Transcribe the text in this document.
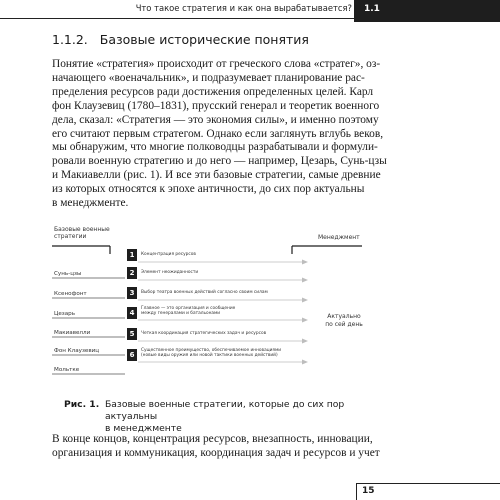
Что такое стратегия и как она вырабатывается? 1.1
1.1.2. Базовые исторические понятия
Понятие «стратегия» происходит от греческого слова «стратег», оз-
начающего «военачальник», и подразумевает планирование рас-
пределения ресурсов ради достижения определенных целей. Карл
фон Клаузевиц (1780–1831), прусский генерал и теоретик военного
дела, сказал: «Стратегия — это экономия силы», и именно поэтому
его считают первым стратегом. Однако если заглянуть вглубь веков,
мы обнаружим, что многие полководцы разрабатывали и формули-
ровали военную стратегию и до него — например, Цезарь, Сунь-цзы
и Макиавелли (рис. 1). И все эти базовые стратегии, самые древние
из которых относятся к эпохе античности, до сих пор актуальны
в менеджменте.
Базовые военные
стратегии	Менеджмент
Сунь-цзы
Ксенофонт
Цезарь
Макиавелли
Фон Клаузевиц
Мольтке
1	Концентрация ресурсов
2	Элемент неожиданности
3	Выбор театра военных действий согласно своим силам
4
Главное — это организация и сообщение
между генералами и батальонами
5	Четкая координация стратегических задач и ресурсов
6
Существенное преимущество, обеспечиваемое инновациями
(новые виды оружия или новой тактики военных действий)
Актуально
по сей день
Рис. 1. Базовые военные стратегии, которые до сих пор актуальны
в менеджменте
В конце концов, концентрация ресурсов, внезапность, инновации,
организация и коммуникация, координация задач и ресурсов и учет
15
